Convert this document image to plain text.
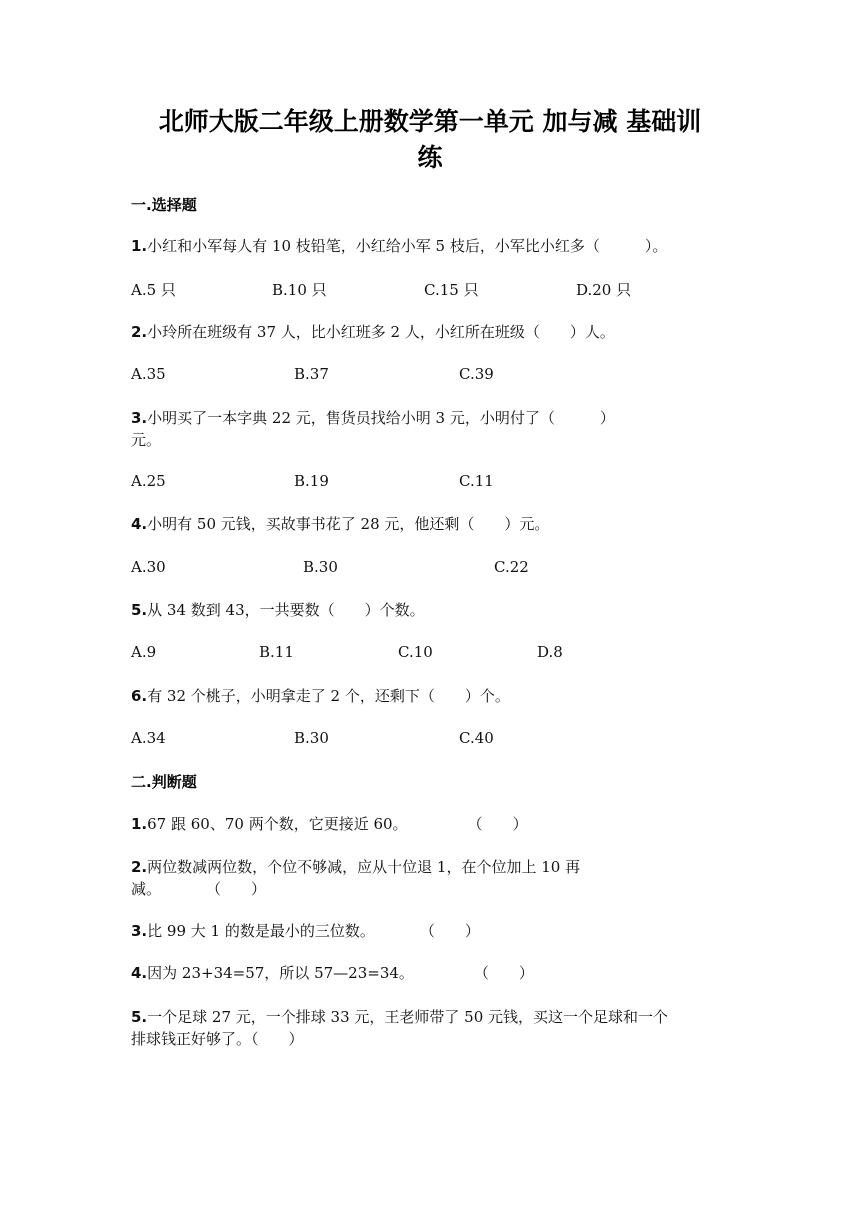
北师大版二年级上册数学第一单元 加与减 基础训
练
一.选择题
1.小红和小军每人有 10 枝铅笔，小红给小军 5 枝后，小军比小红多（　　　）。
A.5 只	B.10 只	C.15 只	D.20 只
2.小玲所在班级有 37 人，比小红班多 2 人，小红所在班级（　　）人。
A.35	B.37	C.39
3.小明买了一本字典 22 元，售货员找给小明 3 元，小明付了（　　　）
元。
A.25	B.19	C.11
4.小明有 50 元钱，买故事书花了 28 元，他还剩（　　）元。
A.30	B.30	C.22
5.从 34 数到 43，一共要数（　　）个数。
A.9	B.11	C.10	D.8
6.有 32 个桃子，小明拿走了 2 个，还剩下（　　）个。
A.34	B.30	C.40
二.判断题
1.67 跟 60、70 两个数，它更接近 60。　　　　　（　　）
2.两位数减两位数，个位不够减，应从十位退 1，在个位加上 10 再
减。　　　　（　　）
3.比 99 大 1 的数是最小的三位数。　　　　（　　）
4.因为 23+34=57，所以 57—23=34。　　　　　（　　）
5.一个足球 27 元，一个排球 33 元，王老师带了 50 元钱，买这一个足球和一个
排球钱正好够了。（　　）
